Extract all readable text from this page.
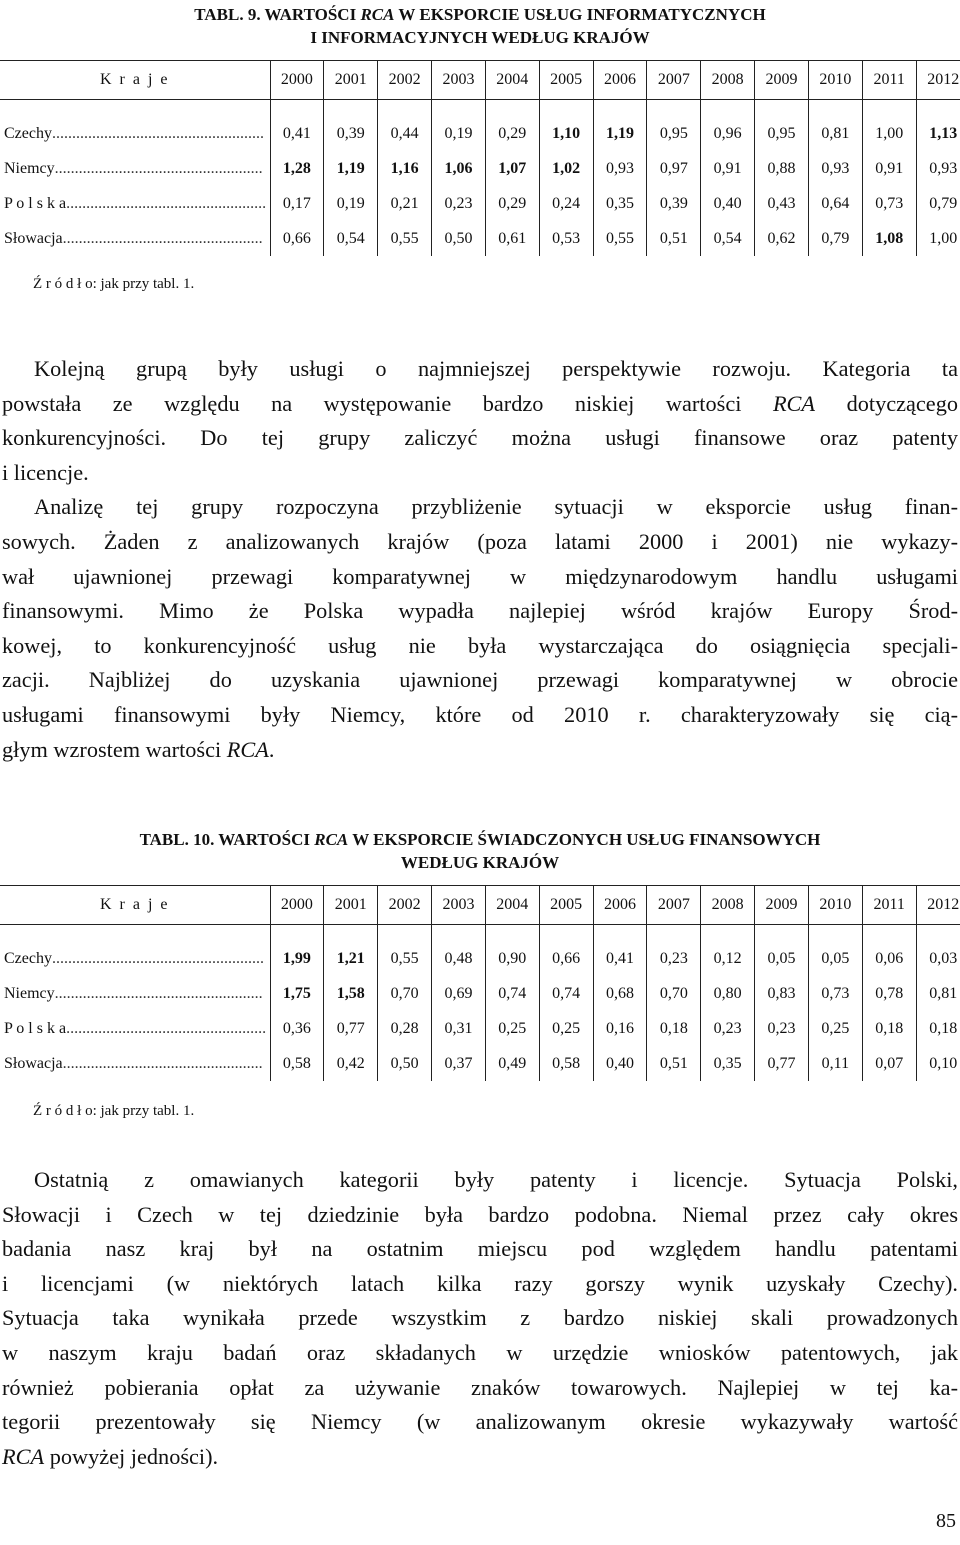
TABL. 9. WARTOŚCI RCA W EKSPORCIE USŁUG INFORMATYCZNYCH
I INFORMACYJNYCH WEDŁUG KRAJÓW
K r a j e	2000	2001	2002	2003	2004	2005	2006	2007	2008	2009	2010	2011	2012

Czechy.....................................................	0,41	0,39	0,44	0,19	0,29	1,10	1,19	0,95	0,96	0,95	0,81	1,00	1,13
Niemcy....................................................	1,28	1,19	1,16	1,06	1,07	1,02	0,93	0,97	0,91	0,88	0,93	0,91	0,93
P o l s k a..................................................	0,17	0,19	0,21	0,23	0,29	0,24	0,35	0,39	0,40	0,43	0,64	0,73	0,79
Słowacja..................................................	0,66	0,54	0,55	0,50	0,61	0,53	0,55	0,51	0,54	0,62	0,79	1,08	1,00
Ź r ó d ł o: jak przy tabl. 1.
Kolejną grupą były usługi o najmniejszej perspektywie rozwoju. Kategoria ta
powstała ze względu na występowanie bardzo niskiej wartości RCA dotyczącego
konkurencyjności. Do tej grupy zaliczyć można usługi finansowe oraz patenty
i licencje.
Analizę tej grupy rozpoczyna przybliżenie sytuacji w eksporcie usług finan-
sowych. Żaden z analizowanych krajów (poza latami 2000 i 2001) nie wykazy-
wał ujawnionej przewagi komparatywnej w międzynarodowym handlu usługami
finansowymi. Mimo że Polska wypadła najlepiej wśród krajów Europy Środ-
kowej, to konkurencyjność usług nie była wystarczająca do osiągnięcia specjali-
zacji. Najbliżej do uzyskania ujawnionej przewagi komparatywnej w obrocie
usługami finansowymi były Niemcy, które od 2010 r. charakteryzowały się cią-
głym wzrostem wartości RCA.
TABL. 10. WARTOŚCI RCA W EKSPORCIE ŚWIADCZONYCH USŁUG FINANSOWYCH
WEDŁUG KRAJÓW
K r a j e	2000	2001	2002	2003	2004	2005	2006	2007	2008	2009	2010	2011	2012

Czechy.....................................................	1,99	1,21	0,55	0,48	0,90	0,66	0,41	0,23	0,12	0,05	0,05	0,06	0,03
Niemcy....................................................	1,75	1,58	0,70	0,69	0,74	0,74	0,68	0,70	0,80	0,83	0,73	0,78	0,81
P o l s k a..................................................	0,36	0,77	0,28	0,31	0,25	0,25	0,16	0,18	0,23	0,23	0,25	0,18	0,18
Słowacja..................................................	0,58	0,42	0,50	0,37	0,49	0,58	0,40	0,51	0,35	0,77	0,11	0,07	0,10
Ź r ó d ł o: jak przy tabl. 1.
Ostatnią z omawianych kategorii były patenty i licencje. Sytuacja Polski,
Słowacji i Czech w tej dziedzinie była bardzo podobna. Niemal przez cały okres
badania nasz kraj był na ostatnim miejscu pod względem handlu patentami
i licencjami (w niektórych latach kilka razy gorszy wynik uzyskały Czechy).
Sytuacja taka wynikała przede wszystkim z bardzo niskiej skali prowadzonych
w naszym kraju badań oraz składanych w urzędzie wniosków patentowych, jak
również pobierania opłat za używanie znaków towarowych. Najlepiej w tej ka-
tegorii prezentowały się Niemcy (w analizowanym okresie wykazywały wartość
RCA powyżej jedności).
85
